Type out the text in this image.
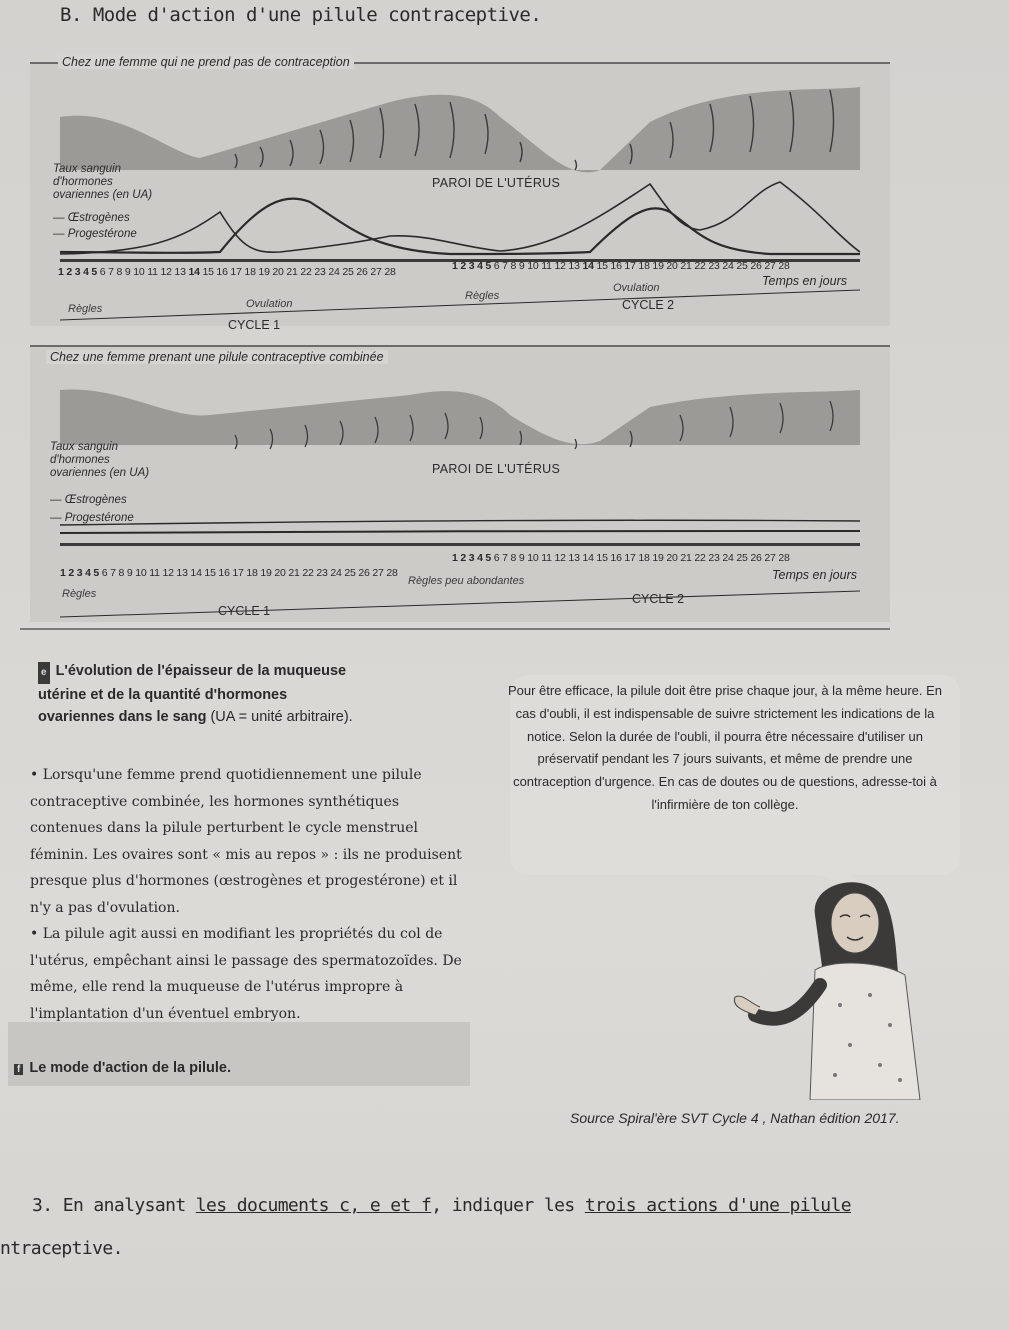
B. Mode d'action d'une pilule contraceptive.
Chez une femme qui ne prend pas de contraception
Taux sanguin
d'hormones
ovariennes (en UA)
— Œstrogènes
— Progestérone
PAROI DE L'UTÉRUS
1 2 3 4 5 6 7 8 9 10 11 12 13 14 15 16 17 18 19 20 21 22 23 24 25 26 27 28	1 2 3 4 5 6 7 8 9 10 11 12 13 14 15 16 17 18 19 20 21 22 23 24 25 26 27 28
Temps en jours
Règles	Ovulation
Règles
Ovulation
CYCLE 1
CYCLE 2
Chez une femme prenant une pilule contraceptive combinée
Taux sanguin
d'hormones
ovariennes (en UA)
— Œstrogènes
— Progestérone
PAROI DE L'UTÉRUS
1 2 3 4 5 6 7 8 9 10 11 12 13 14 15 16 17 18 19 20 21 22 23 24 25 26 27 28
1 2 3 4 5 6 7 8 9 10 11 12 13 14 15 16 17 18 19 20 21 22 23 24 25 26 27 28
Temps en jours
Règles
Règles peu abondantes
CYCLE 1
CYCLE 2
e L'évolution de l'épaisseur de la muqueuse
utérine et de la quantité d'hormones
ovariennes dans le sang (UA = unité arbitraire).
• Lorsqu'une femme prend quotidiennement une pilule contraceptive combinée, les hormones synthétiques contenues dans la pilule perturbent le cycle menstruel féminin. Les ovaires sont « mis au repos » : ils ne produisent presque plus d'hormones (œstrogènes et progestérone) et il n'y a pas d'ovulation.
• La pilule agit aussi en modifiant les propriétés du col de l'utérus, empêchant ainsi le passage des spermatozoïdes. De même, elle rend la muqueuse de l'utérus impropre à l'implantation d'un éventuel embryon.
f Le mode d'action de la pilule.
Pour être efficace, la pilule doit être prise chaque jour, à la même heure. En cas d'oubli, il est indispensable de suivre strictement les indications de la notice. Selon la durée de l'oubli, il pourra être nécessaire d'utiliser un préservatif pendant les 7 jours suivants, et même de prendre une contraception d'urgence. En cas de doutes ou de questions, adresse-toi à l'infirmière de ton collège.
Source Spiral'ère SVT Cycle 4 , Nathan édition 2017.
3. En analysant les documents c, e et f, indiquer les trois actions d'une pilule
ntraceptive.
